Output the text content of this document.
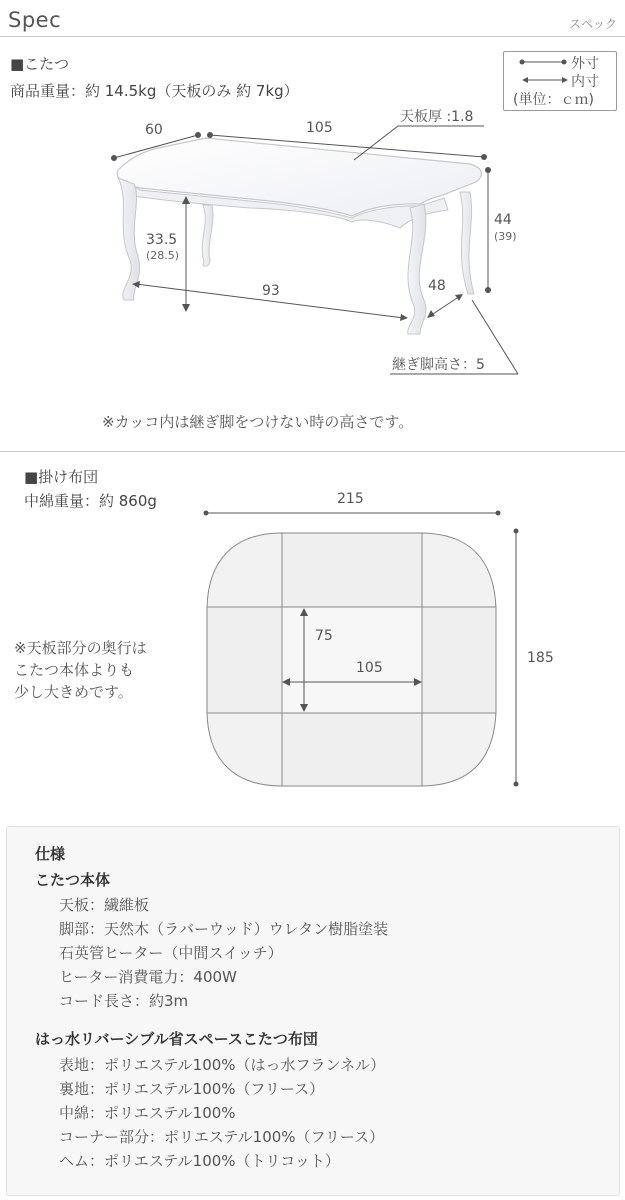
Spec	スペック
■こたつ
商品重量：約 14.5kg（天板のみ 約 7kg）
外寸
内寸
(単位：ｃｍ)
60	105
天板厚 :1.8
44
(39)
33.5
(28.5)
93	48
継ぎ脚高さ：5
※カッコ内は継ぎ脚をつけない時の高さです。
■掛け布団
中綿重量：約 860g	215
185
75
105
※天板部分の奥行は
こたつ本体よりも
少し大きめです。
仕様
こたつ本体
天板：繊維板
脚部：天然木（ラバーウッド）ウレタン樹脂塗装
石英管ヒーター（中間スイッチ）
ヒーター消費電力：400W
コード長さ：約3m
はっ水リバーシブル省スペースこたつ布団
表地：ポリエステル100%（はっ水フランネル）
裏地：ポリエステル100%（フリース）
中綿：ポリエステル100%
コーナー部分：ポリエステル100%（フリース）
ヘム：ポリエステル100%（トリコット）
